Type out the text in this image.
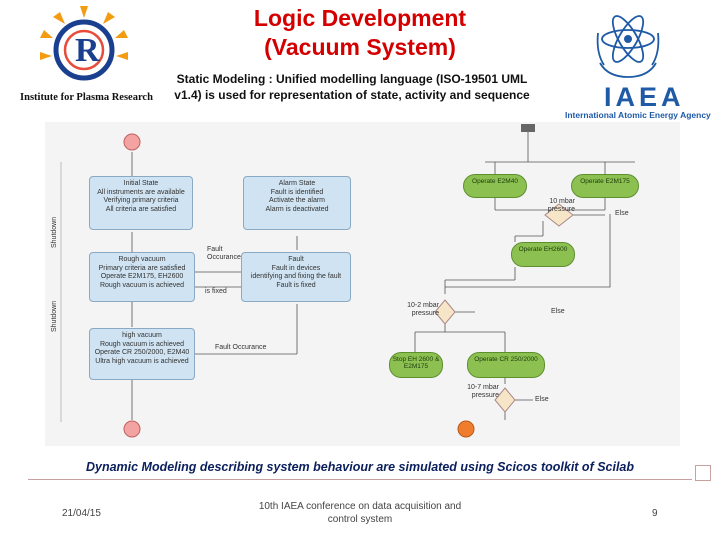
Logic Development
(Vacuum System)
Static Modeling : Unified modelling language (ISO-19501 UML v1.4) is used for representation of state, activity and sequence
R
Institute for Plasma Research	IAEA
International Atomic Energy Agency
Shutdown
Shutdown
Initial State
All instruments are available
Verifying primary criteria
All criteria are satisfied
Alarm State
Fault is identified
Activate the alarm
Alarm is deactivated
Rough vacuum
Primary criteria are satisfied
Operate E2M175, EH2600
Rough vacuum is achieved
Fault
Fault in devices
identifying and fixing the fault
Fault is fixed
high vacuum
Rough vacuum is achieved
Operate CR 250/2000, E2M40
Ultra high vacuum is achieved
Fault Occurance
is fixed
Fault Occurance
Operate E2M40	Operate E2M175
Operate EH2600
Stop EH 2600 & E2M175
Operate CR 250/2000
10 mbar pressure
10-2 mbar pressure
10-7 mbar pressure
Else
Else
Else
Dynamic Modeling describing system behaviour are simulated using Scicos toolkit of Scilab
21/04/15
10th IAEA conference on data acquisition and
control system
9
